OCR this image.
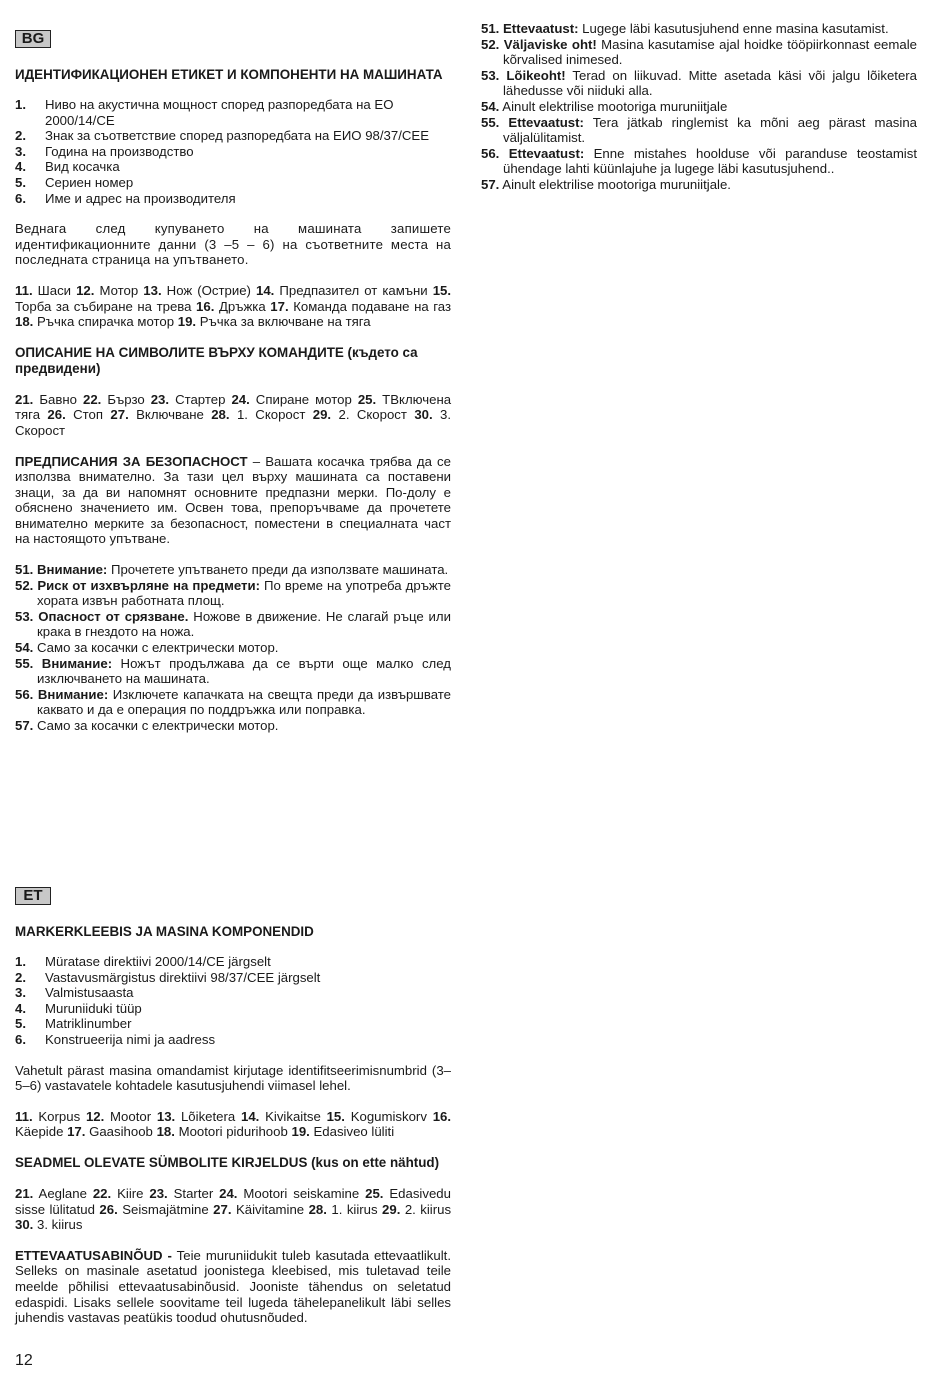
BG

ИДЕНТИФИКАЦИОНЕН ЕТИКЕТ И КОМПОНЕНТИ НА МАШИНАТА

1.	Ниво на акустична мощност според разпоредбата на ЕО 2000/14/CE
2.	Знак за съответствие според разпоредбата на ЕИО 98/37/CEE
3.	Година на производство
4.	Вид косачка
5.	Сериен номер
6.	Име и адрес на производителя

Веднага след купуването на машината запишете идентификационните данни (3 –5 – 6) на съответните места на последната страница на упътването.

11. Шаси 12. Мотор 13. Нож (Острие) 14. Предпазител от камъни 15. Торба за събиране на трева 16. Дръжка 17. Команда подаване на газ 18. Ръчка спирачка мотор 19. Ръчка за включване на тяга

ОПИСАНИЕ НА СИМВОЛИТЕ ВЪРХУ КОМАНДИТЕ (където са предвидени)

21. Бавно 22. Бързо 23. Стартер 24. Спиране мотор 25. ТВключена тяга 26. Стоп 27. Включване 28. 1. Скорост 29. 2. Скорост 30. 3. Скорост

ПРЕДПИСАНИЯ ЗА БЕЗОПАСНОСТ – Вашата косачка трябва да се използва внимателно. За тази цел върху машината са поставени знаци, за да ви напомнят основните предпазни мерки. По-долу е обяснено значението им. Освен това, препоръчваме да прочетете внимателно мерките за безопасност, поместени в специалната част на настоящото упътване.

51. Внимание: Прочетете упътването преди да използвате машината.
52. Риск от изхвърляне на предмети: По време на употреба дръжте хората извън работната площ.
53. Опасност от срязване. Ножове в движение. Не слагай ръце или крака в гнездото на ножа.
54. Само за косачки с електрически мотор.
55. Внимание: Ножът продължава да се върти още малко след изключването на машината.
56. Внимание: Изключете капачката на свещта преди да извършвате каквато и да е операция по поддръжка или поправка.
57. Само за косачки с електрически мотор.
ET

MARKERKLEEBIS JA MASINA KOMPONENDID

1.	Müratase direktiivi 2000/14/CE järgselt
2.	Vastavusmärgistus direktiivi 98/37/CEE järgselt
3.	Valmistusaasta
4.	Muruniiduki tüüp
5.	Matriklinumber
6.	Konstrueerija nimi ja aadress

Vahetult pärast masina omandamist kirjutage identifitseerimisnumbrid (3–5–6) vastavatele kohtadele kasutusjuhendi viimasel lehel.

11. Korpus 12. Mootor 13. Lõiketera 14. Kivikaitse 15. Kogumiskorv 16. Käepide 17. Gaasihoob 18. Mootori pidurihoob 19. Edasiveo lüliti

SEADMEL OLEVATE SÜMBOLITE KIRJELDUS (kus on ette nähtud)

21. Aeglane 22. Kiire 23. Starter 24. Mootori seiskamine 25. Edasivedu sisse lülitatud 26. Seismajätmine 27. Käivitamine 28. 1. kiirus 29. 2. kiirus 30. 3. kiirus

ETTEVAATUSABINÕUD - Teie muruniidukit tuleb kasutada ettevaatlikult. Selleks on masinale asetatud joonistega kleebised, mis tuletavad teile meelde põhilisi ettevaatusabinõusid. Jooniste tähendus on seletatud edaspidi. Lisaks sellele soovitame teil lugeda tähelepanelikult läbi selles juhendis vastavas peatükis toodud ohutusnõuded.

51. Ettevaatust: Lugege läbi kasutusjuhend enne masina kasutamist.
52. Väljaviske oht! Masina kasutamise ajal hoidke tööpiirkonnast eemale kõrvalised inimesed.
53. Lõikeoht! Terad on liikuvad. Mitte asetada käsi või jalgu lõiketera lähedusse või niiduki alla.
54. Ainult elektrilise mootoriga muruniitjale
55. Ettevaatust: Tera jätkab ringlemist ka mõni aeg pärast masina väljalülitamist.
56. Ettevaatust: Enne mistahes hoolduse või paranduse teostamist ühendage lahti küünlajuhe ja lugege läbi kasutusjuhend..
57. Ainult elektrilise mootoriga muruniitjale.
12
